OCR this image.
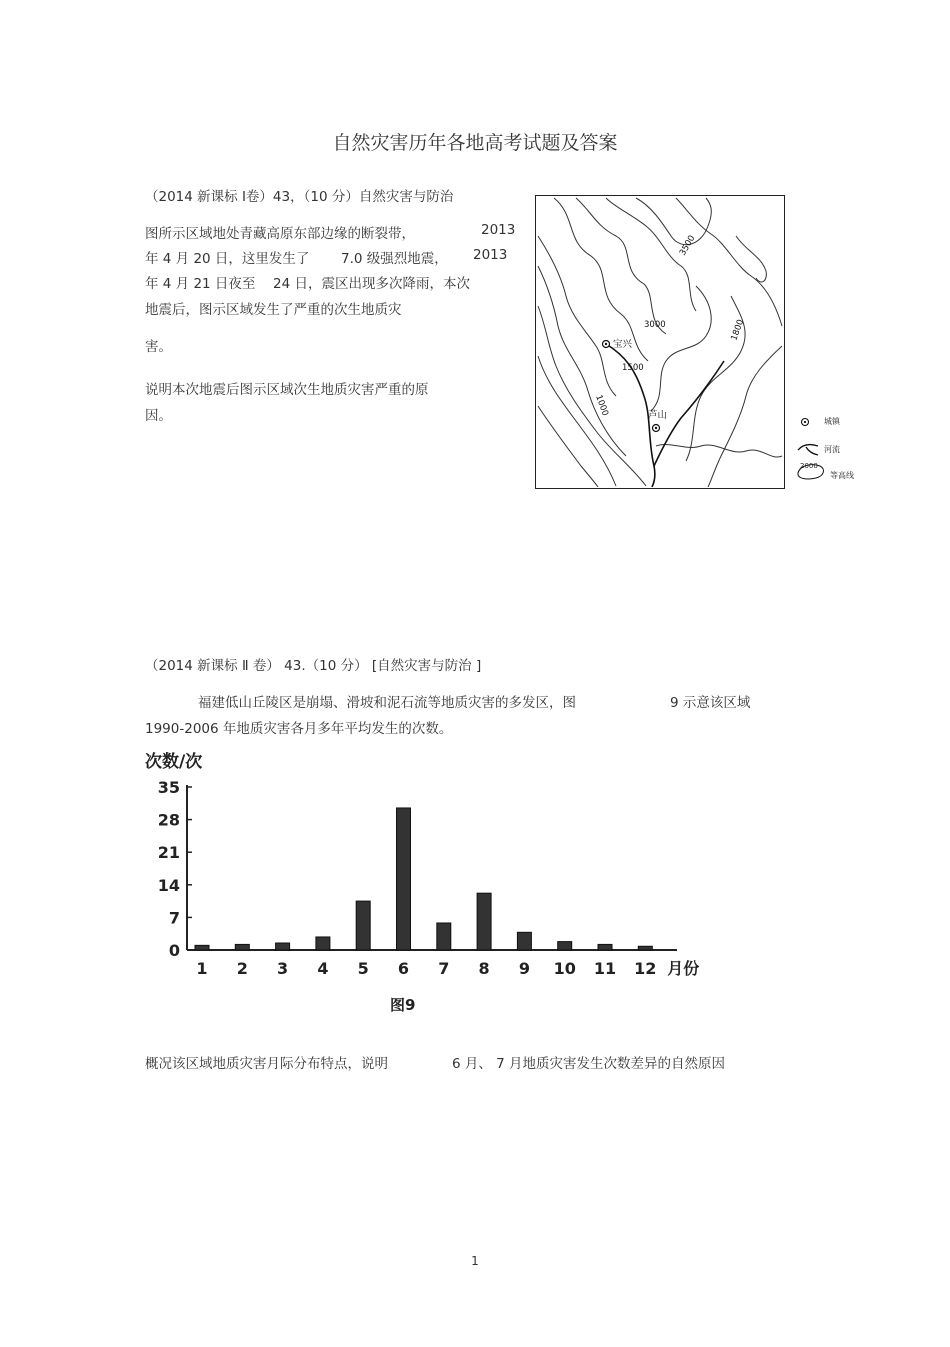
自然灾害历年各地高考试题及答案
（2014 新课标 Ⅰ卷）43，（10 分）自然灾害与防治
图所示区域地处青藏高原东部边缘的断裂带，	2013
年 4 月 20 日，这里发生了 7.0 级强烈地震， 2013
年 4 月 21 日夜至 24 日，震区出现多次降雨，本次
地震后，图示区域发生了严重的次生地质灾
害。
说明本次地震后图示区域次生地质灾害严重的原
因。
3500
3000
1500
1000
1800
宝兴
芦山
城镇
河流
2000
等高线
（2014 新课标 Ⅱ 卷） 43.（10 分） [自然灾害与防治 ]
福建低山丘陵区是崩塌、滑坡和泥石流等地质灾害的多发区，图	9 示意该区域
1990-2006 年地质灾害各月多年平均发生的次数。
次数/次
0
7
14
21
28
35
1 2 3 4 5 6 7 8 9 10 11 12 月份
图9
概况该区域地质灾害月际分布特点，说明	6 月、 7 月地质灾害发生次数差异的自然原因
1
